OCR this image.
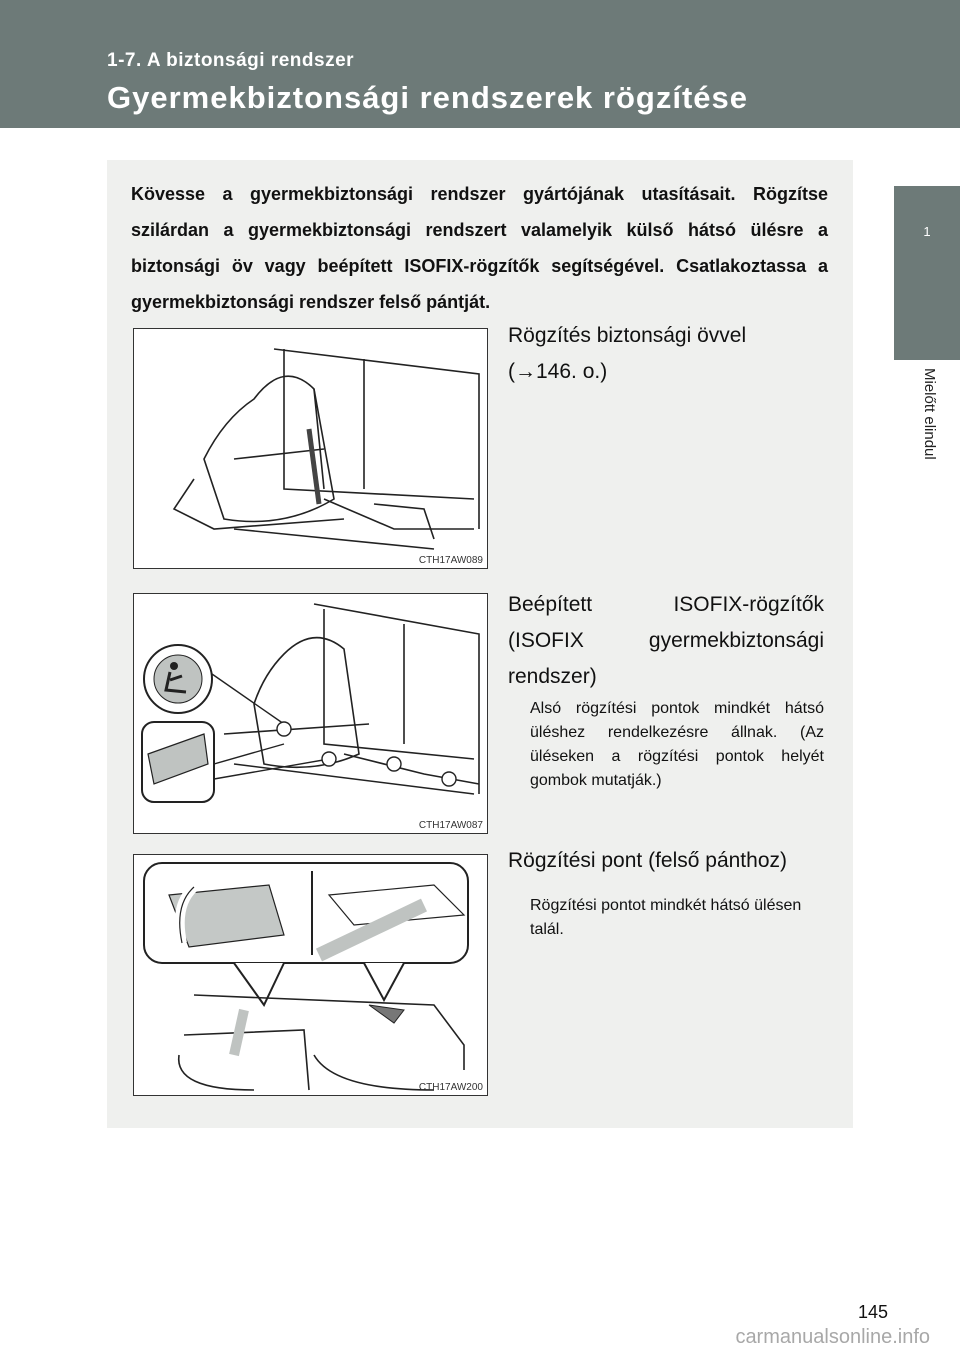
1-7. A biztonsági rendszer
Gyermekbiztonsági rendszerek rögzítése
1
Mielőtt elindul
Kövesse a gyermekbiztonsági rendszer gyártójának utasításait. Rögzítse szilárdan a gyermekbiztonsági rendszert valamelyik külső hátsó ülésre a biztonsági öv vagy beépített ISOFIX-rögzítők segítségével. Csatlakoztassa a gyermekbiztonsági rendszer felső pántját.
CTH17AW089
Rögzítés biztonsági övvel
(→146. o.)
CTH17AW087
Beépített ISOFIX-rögzítők
(ISOFIX gyermekbiztonsági
rendszer)
Alsó rögzítési pontok mindkét hátsó üléshez rendelkezésre állnak. (Az üléseken a rögzítési pontok helyét gombok mutatják.)
CTH17AW200
Rögzítési pont (felső pánthoz)
Rögzítési pontot mindkét hátsó ülésen talál.
145
carmanualsonline.info
